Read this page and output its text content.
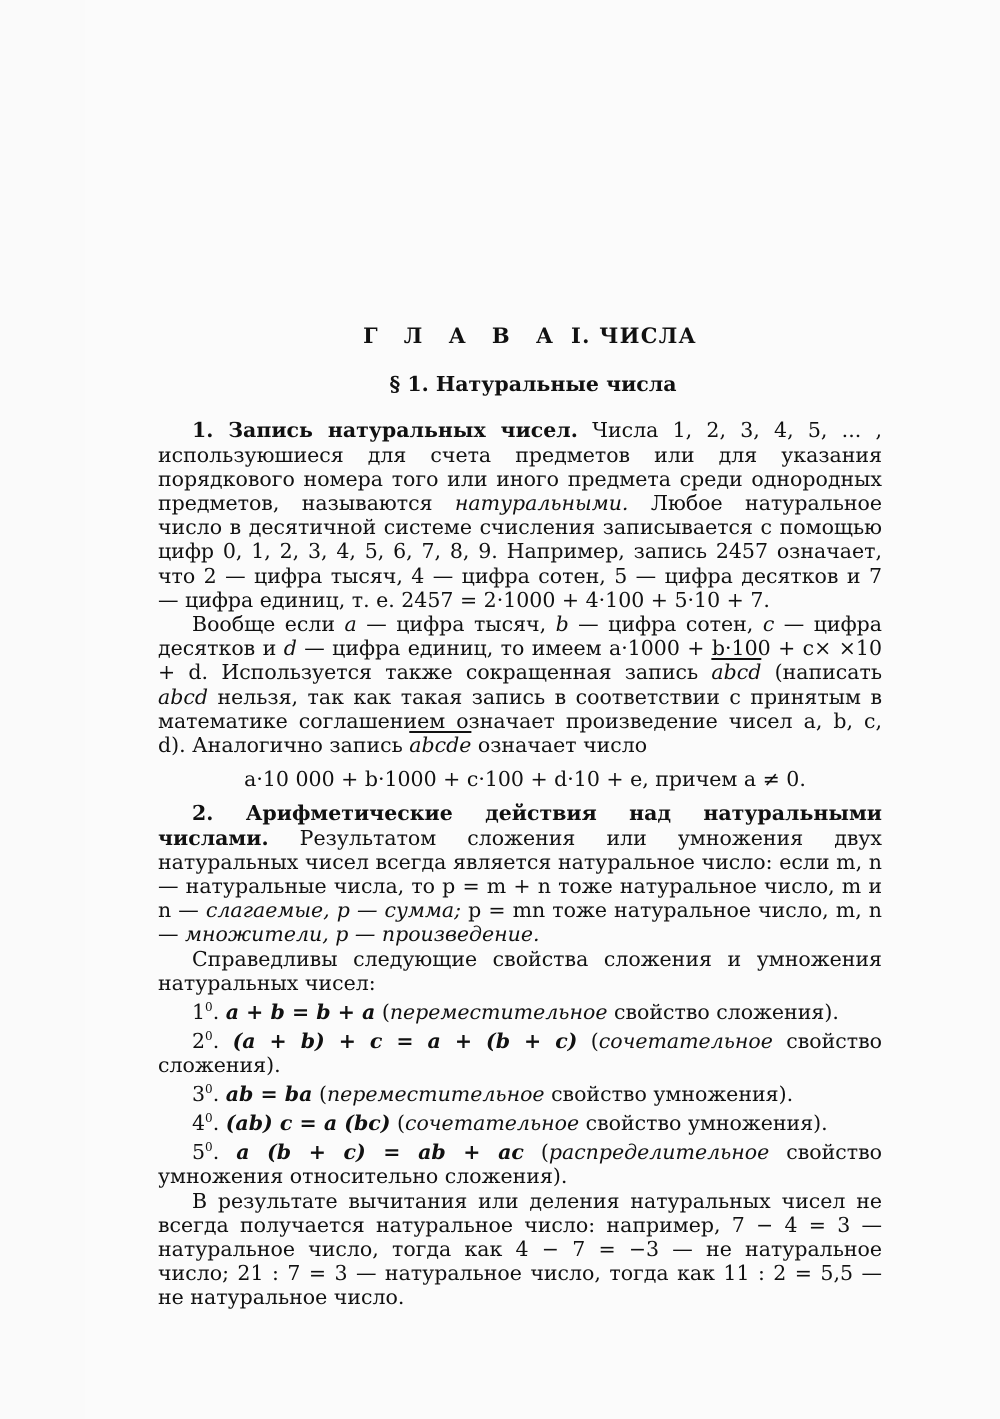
Г Л А В А I. ЧИСЛА
§ 1. Натуральные числа

1. Запись натуральных чисел. Числа 1, 2, 3, 4, 5, ... , используюшиеся для счета предметов или для указания порядкового номера того или иного предмета среди однородных предметов, называются натуральными. Любое натуральное число в десятичной системе счисления записывается с помощью цифр 0, 1, 2, 3, 4, 5, 6, 7, 8, 9. Например, запись 2457 означает, что 2 — цифра тысяч, 4 — цифра сотен, 5 — цифра десятков и 7 — цифра единиц, т. е. 2457 = 2·1000 + 4·100 + 5·10 + 7.

Вообще если a — цифра тысяч, b — цифра сотен, c — цифра десятков и d — цифра единиц, то имеем a·1000 + b·100 + c× ×10 + d. Используется также сокращенная запись abcd (написать abcd нельзя, так как такая запись в соответствии с принятым в математике соглашением означает произведение чисел a, b, c, d). Аналогично запись abcde означает число

a·10 000 + b·1000 + c·100 + d·10 + e, причем a ≠ 0.

2. Арифметические действия над натуральными числами. Результатом сложения или умножения двух натуральных чисел всегда является натуральное число: если m, n — натуральные числа, то p = m + n тоже натуральное число, m и n — слагаемые, p — сумма; p = mn тоже натуральное число, m, n — множители, p — произведение.

Справедливы следующие свойства сложения и умножения натуральных чисел:

$1^0$. a + b = b + a (переместительное свойство сложения).

$2^0$. (a + b) + c = a + (b + c) (сочетательное свойство сложения).

$3^0$. ab = ba (переместительное свойство умножения).

$4^0$. (ab) c = a (bc) (сочетательное свойство умножения).

$5^0$. a (b + c) = ab + ac (распределительное свойство умножения относительно сложения).

В результате вычитания или деления натуральных чисел не всегда получается натуральное число: например, 7 − 4 = 3 — натуральное число, тогда как 4 − 7 = −3 — не натуральное число; 21 : 7 = 3 — натуральное число, тогда как 11 : 2 = 5,5 — не натуральное число.
